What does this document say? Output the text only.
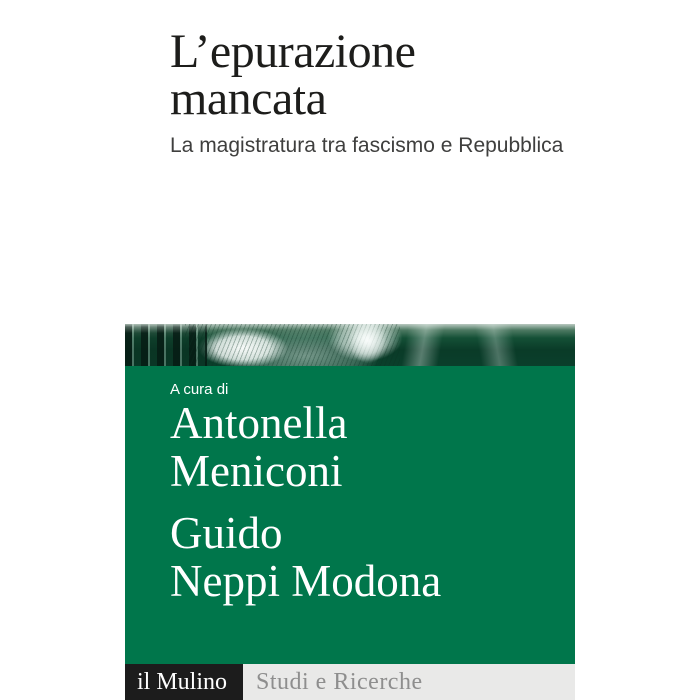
L’epurazione
mancata

La magistratura tra fascismo e Repubblica

A cura di

Antonella
Meniconi

Guido
Neppi Modona

il Mulino	Studi e Ricerche
